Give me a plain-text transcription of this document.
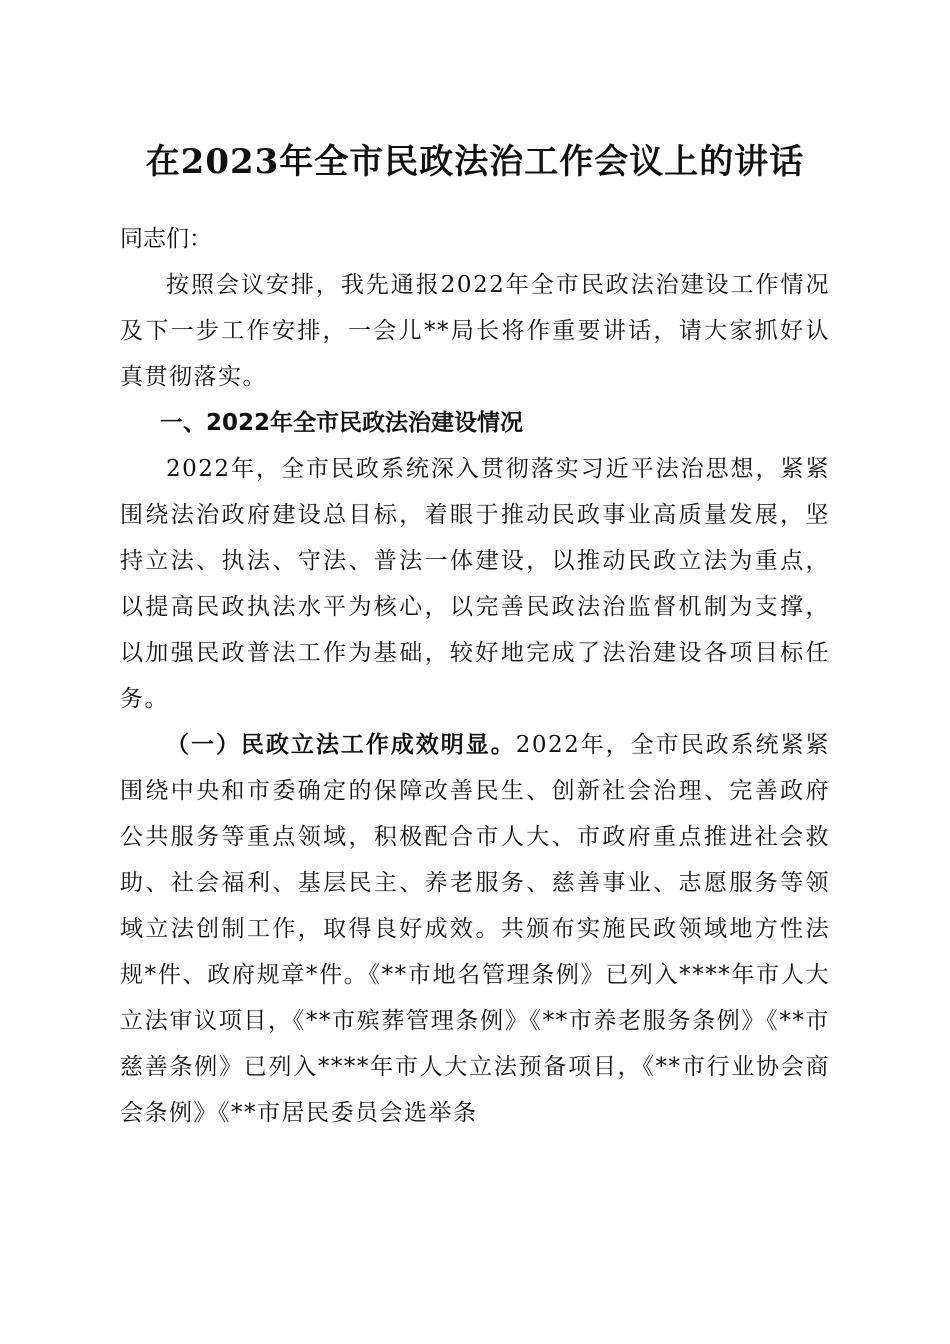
在2023年全市民政法治工作会议上的讲话

同志们：

按照会议安排，我先通报2022年全市民政法治建设工作情况及下一步工作安排，一会儿**局长将作重要讲话，请大家抓好认真贯彻落实。

一、2022年全市民政法治建设情况

2022年，全市民政系统深入贯彻落实习近平法治思想，紧紧围绕法治政府建设总目标，着眼于推动民政事业高质量发展，坚持立法、执法、守法、普法一体建设，以推动民政立法为重点，以提高民政执法水平为核心，以完善民政法治监督机制为支撑，以加强民政普法工作为基础，较好地完成了法治建设各项目标任务。

（一）民政立法工作成效明显。2022年，全市民政系统紧紧围绕中央和市委确定的保障改善民生、创新社会治理、完善政府公共服务等重点领域，积极配合市人大、市政府重点推进社会救助、社会福利、基层民主、养老服务、慈善事业、志愿服务等领域立法创制工作，取得良好成效。共颁布实施民政领域地方性法规*件、政府规章*件。《**市地名管理条例》已列入****年市人大立法审议项目，《**市殡葬管理条例》《**市养老服务条例》《**市慈善条例》已列入****年市人大立法预备项目，《**市行业协会商会条例》《**市居民委员会选举条
